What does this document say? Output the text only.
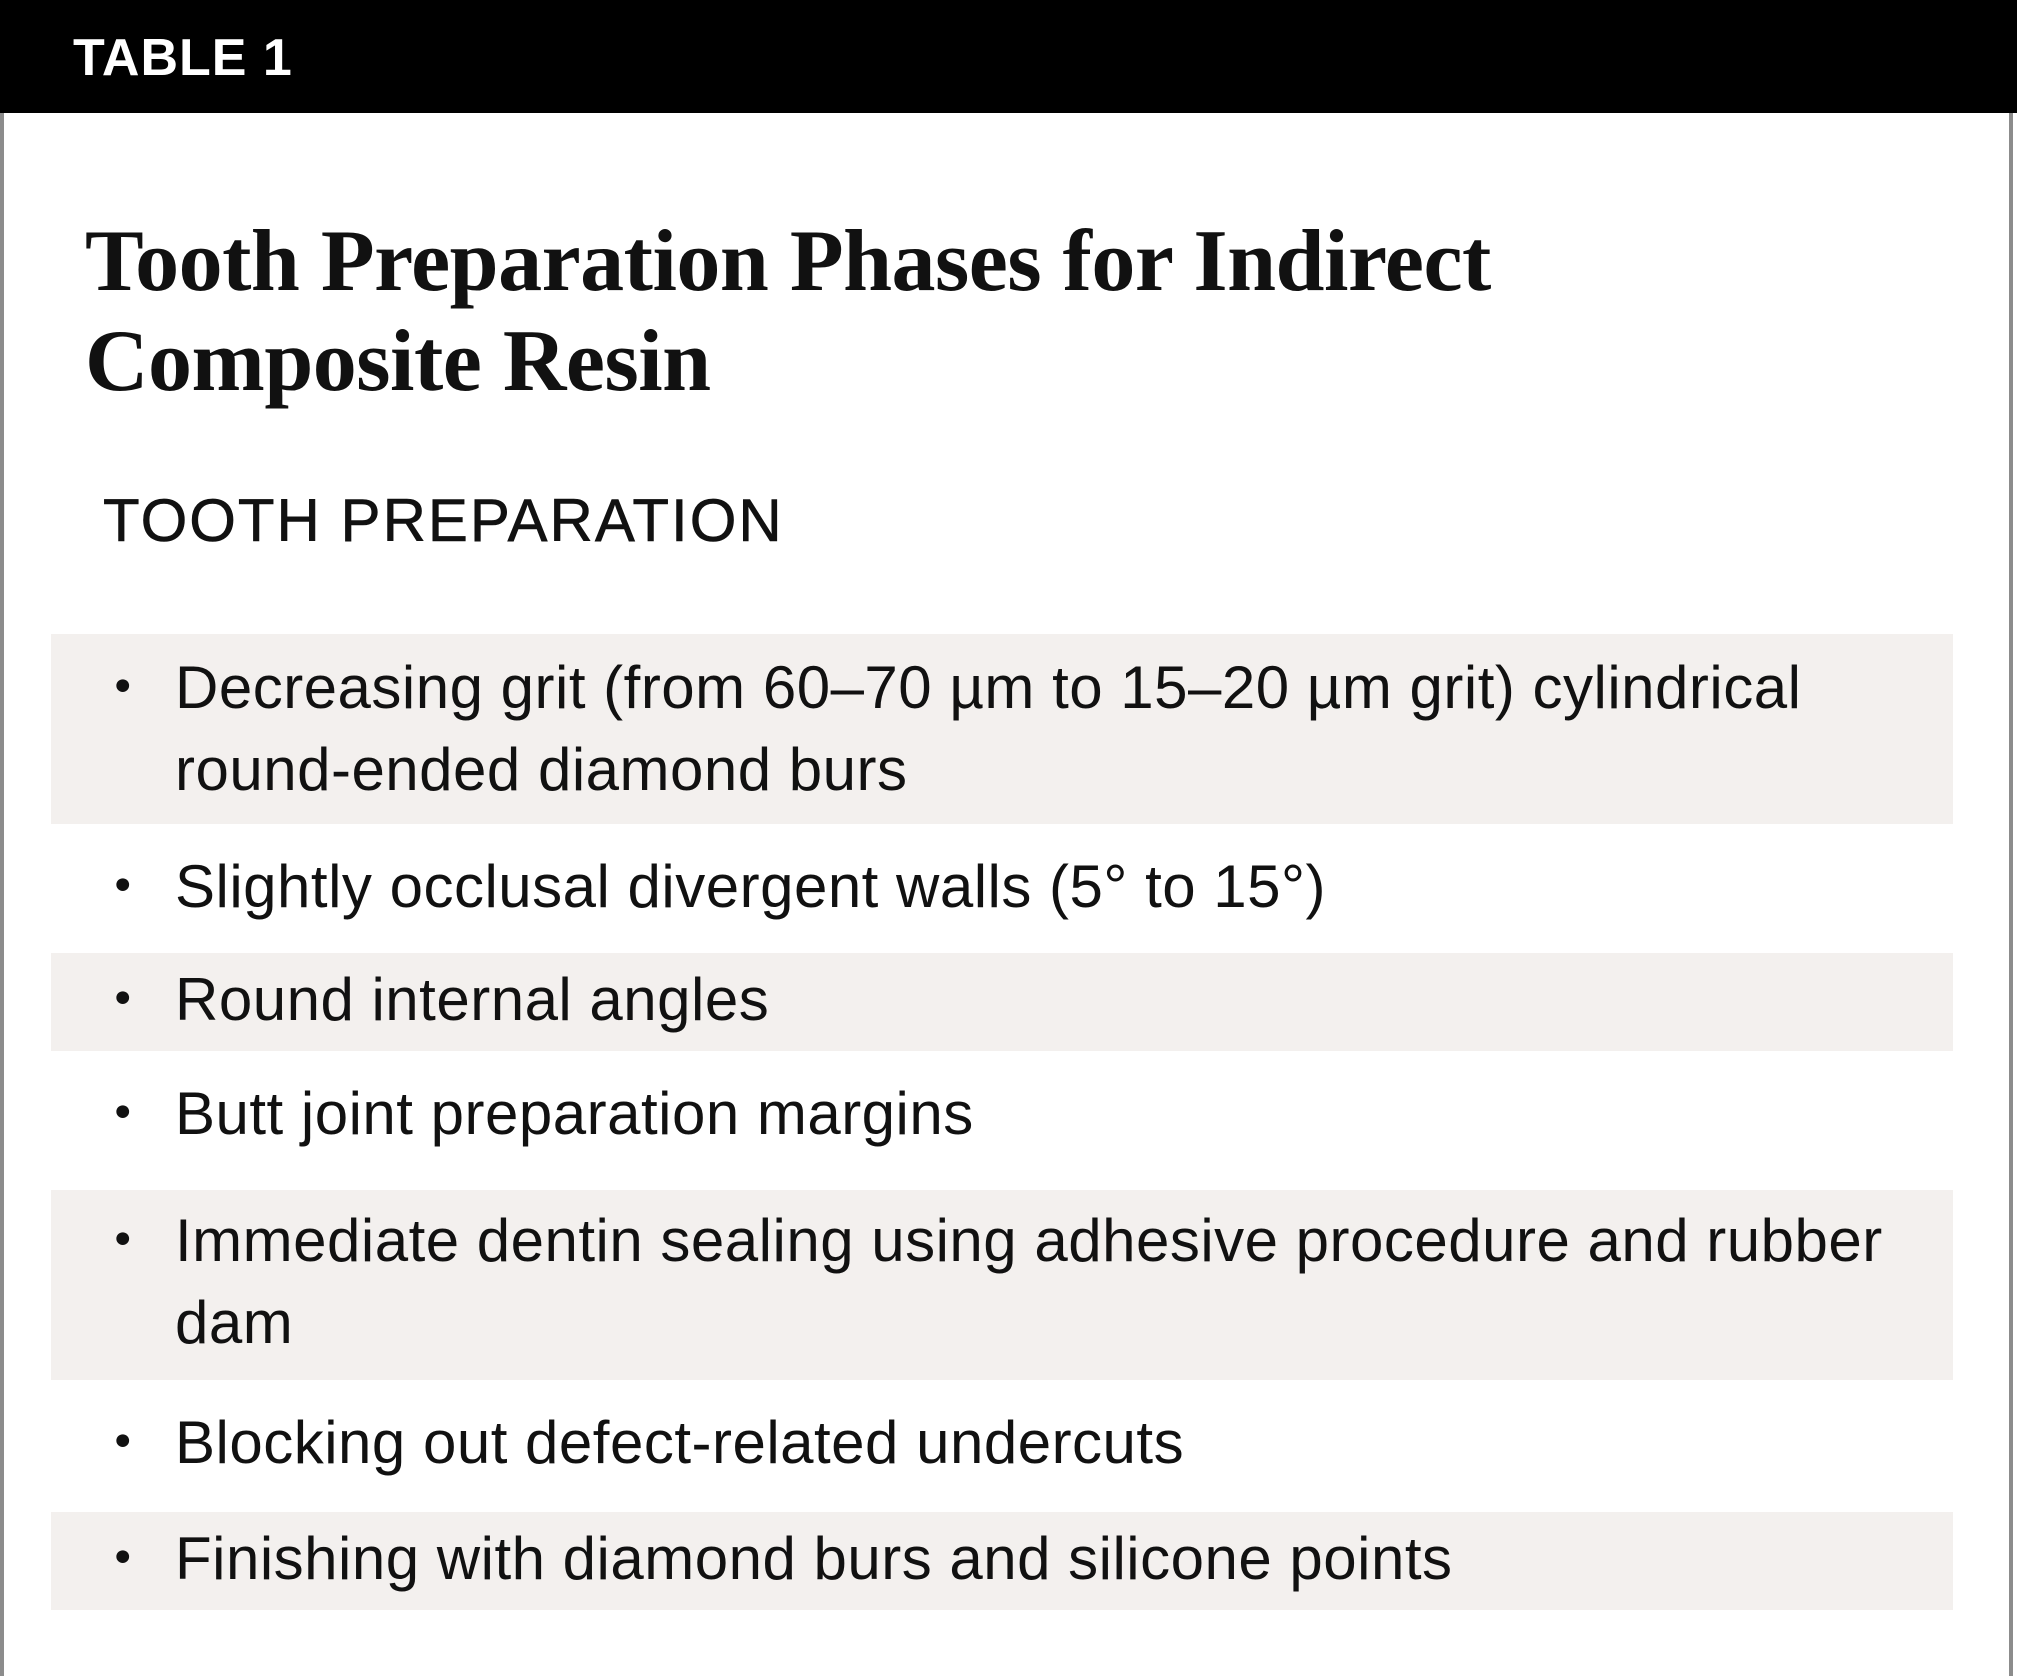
TABLE 1
Tooth Preparation Phases for Indirect Composite Resin
TOOTH PREPARATION
• Decreasing grit (from 60–70 µm to 15–20 µm grit) cylindrical round-ended diamond burs
• Slightly occlusal divergent walls (5° to 15°)
• Round internal angles
• Butt joint preparation margins
• Immediate dentin sealing using adhesive procedure and rubber dam
• Blocking out defect-related undercuts
• Finishing with diamond burs and silicone points
